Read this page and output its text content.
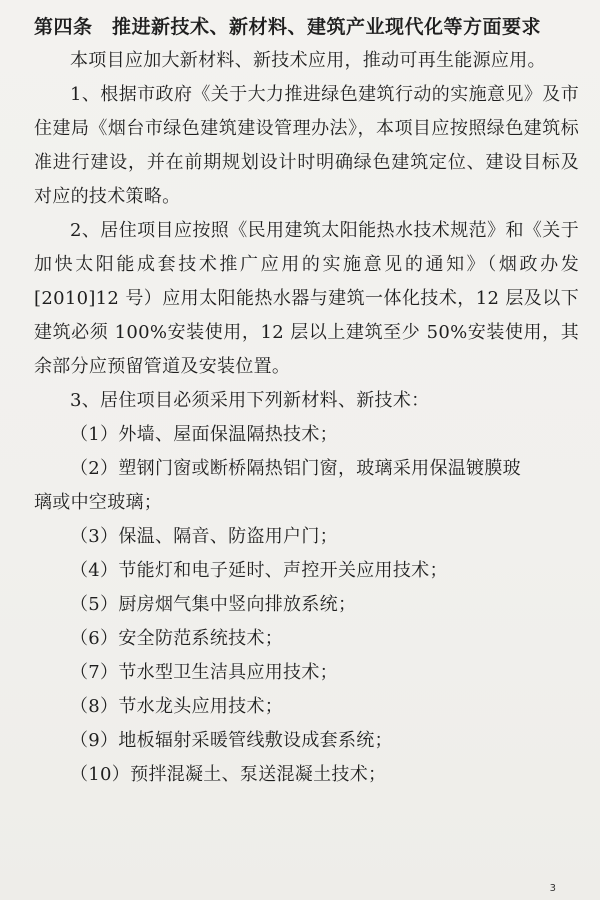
第四条　推进新技术、新材料、建筑产业现代化等方面要求

本项目应加大新材料、新技术应用，推动可再生能源应用。

1、根据市政府《关于大力推进绿色建筑行动的实施意见》及市住建局《烟台市绿色建筑建设管理办法》，本项目应按照绿色建筑标准进行建设，并在前期规划设计时明确绿色建筑定位、建设目标及对应的技术策略。

2、居住项目应按照《民用建筑太阳能热水技术规范》和《关于加快太阳能成套技术推广应用的实施意见的通知》（烟政办发[2010]12 号）应用太阳能热水器与建筑一体化技术，12 层及以下建筑必须 100%安装使用，12 层以上建筑至少 50%安装使用，其余部分应预留管道及安装位置。

3、居住项目必须采用下列新材料、新技术：

（1）外墙、屋面保温隔热技术；

（2）塑钢门窗或断桥隔热铝门窗，玻璃采用保温镀膜玻

璃或中空玻璃；

（3）保温、隔音、防盗用户门；

（4）节能灯和电子延时、声控开关应用技术；

（5）厨房烟气集中竖向排放系统；

（6）安全防范系统技术；

（7）节水型卫生洁具应用技术；

（8）节水龙头应用技术；

（9）地板辐射采暖管线敷设成套系统；

（10）预拌混凝土、泵送混凝土技术；

3
